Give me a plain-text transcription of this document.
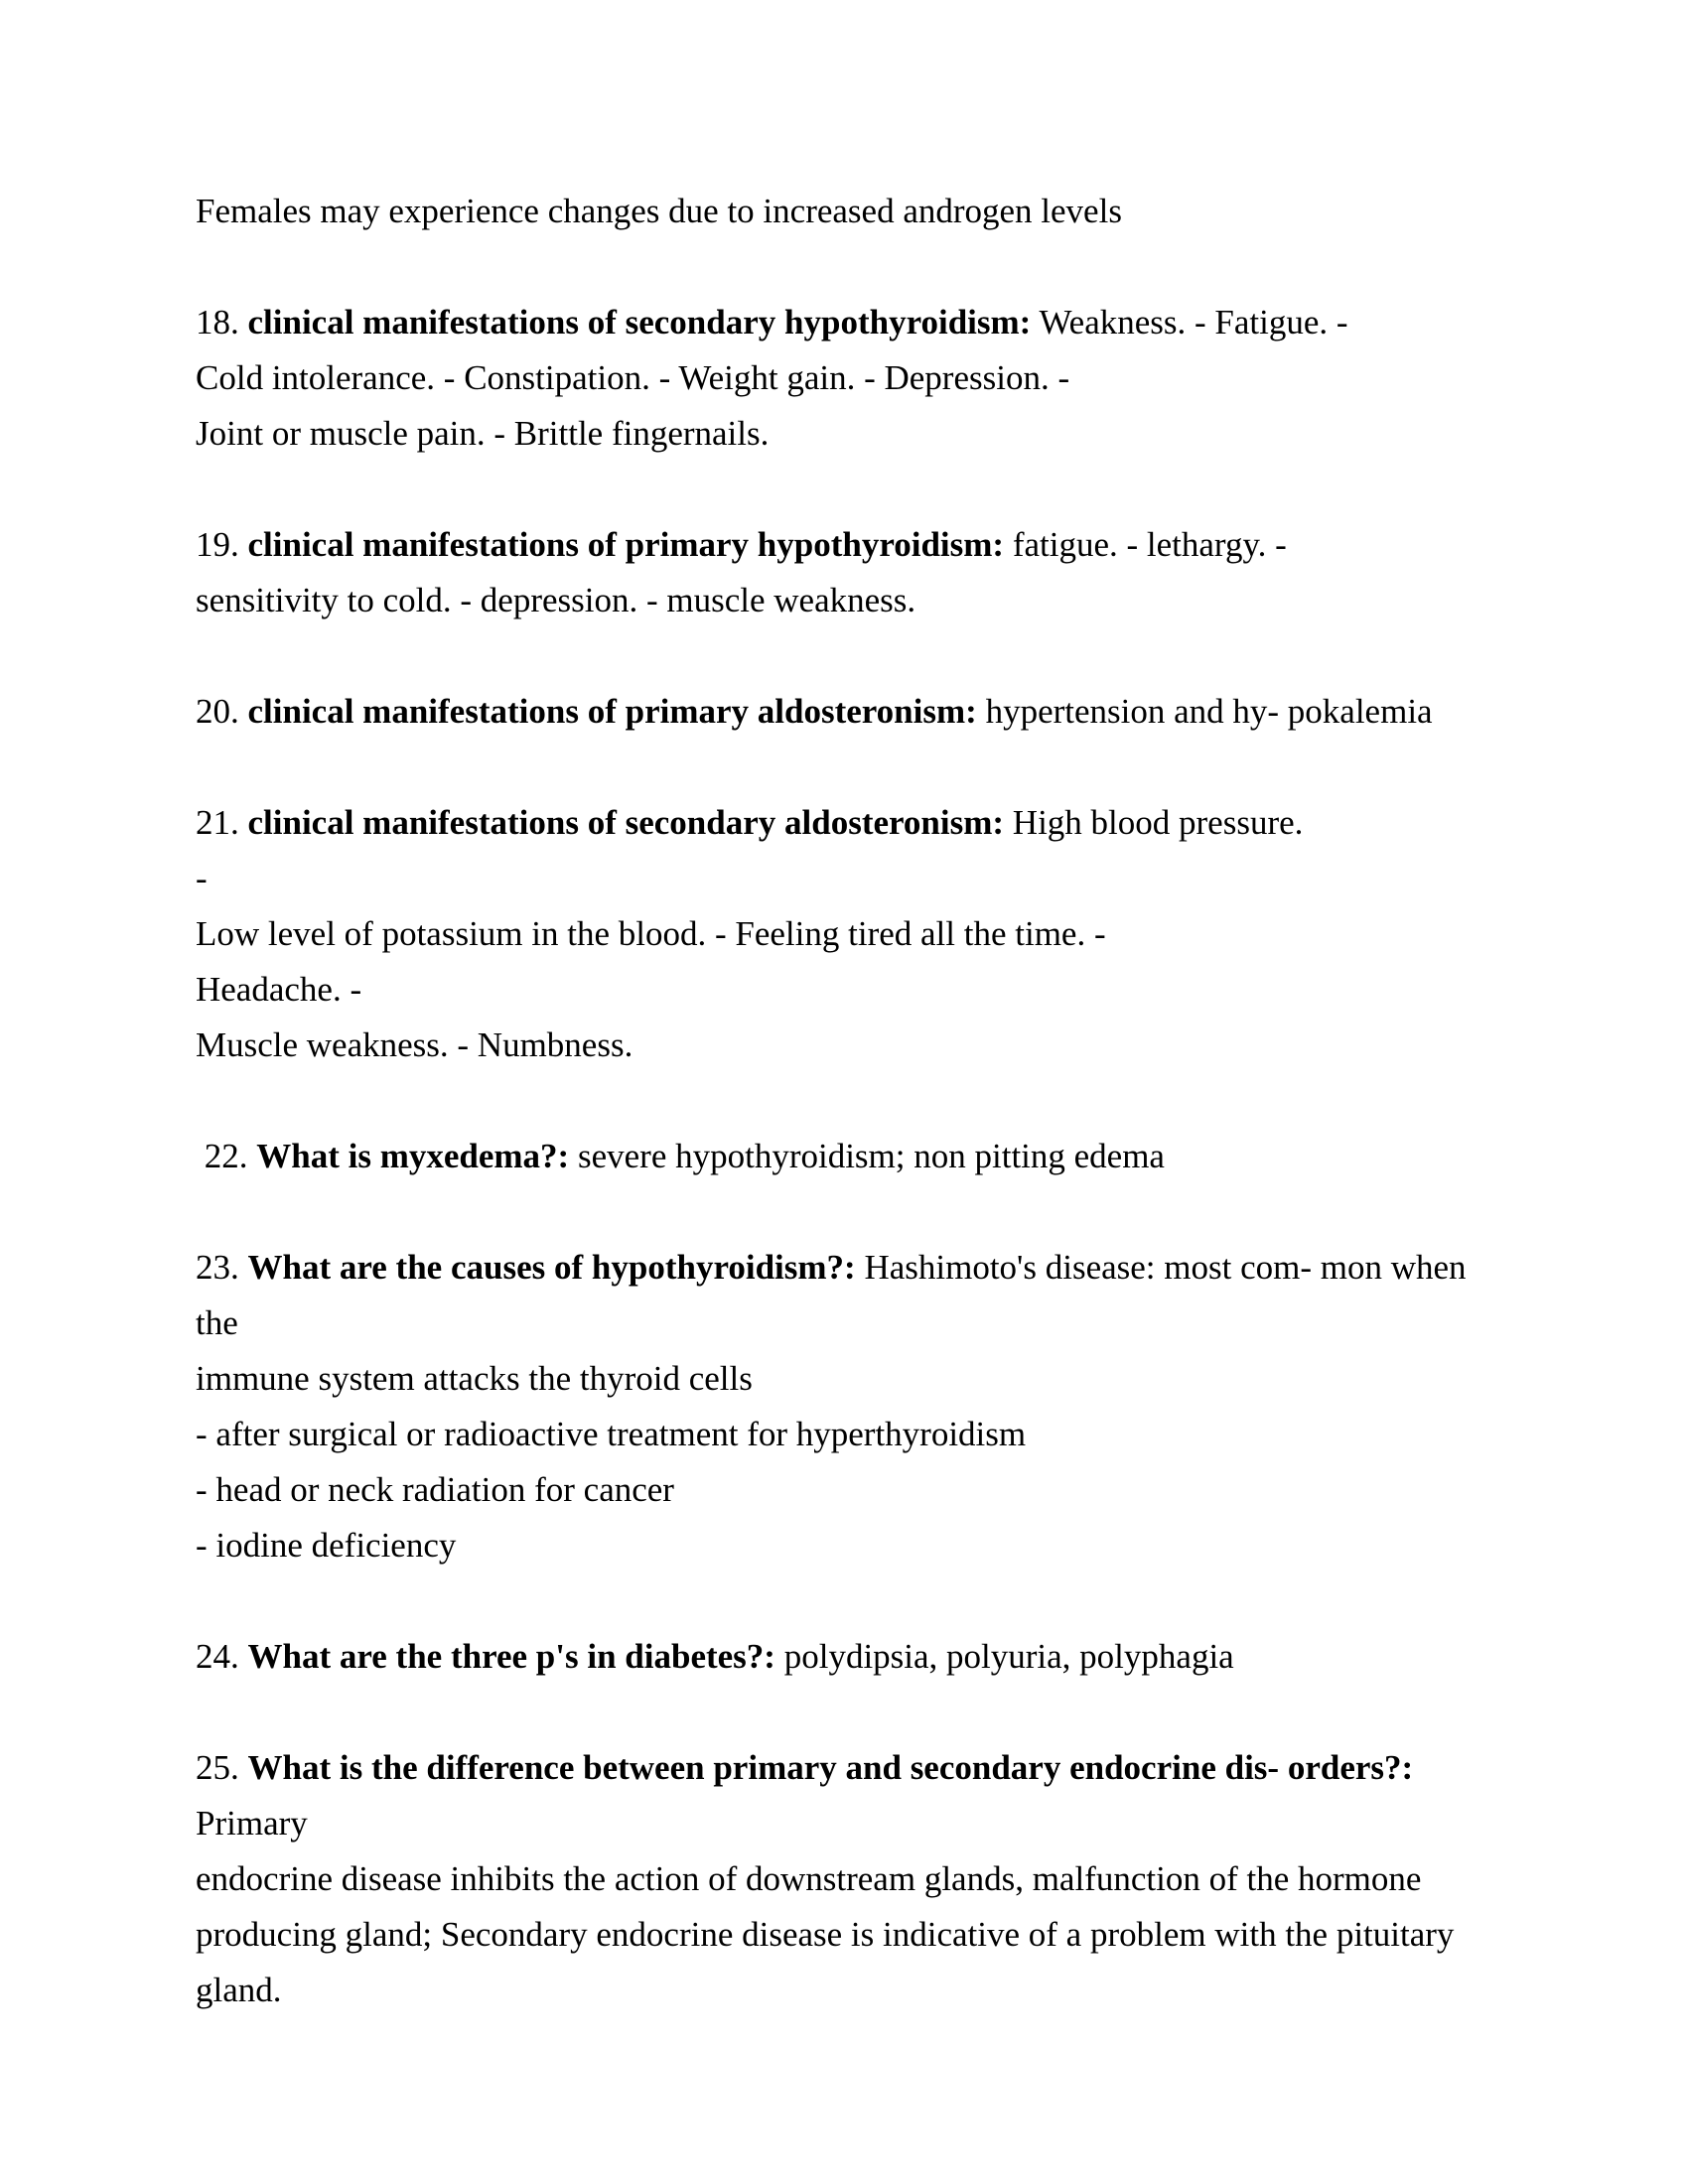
Females may experience changes due to increased androgen levels
18. clinical manifestations of secondary hypothyroidism: Weakness. - Fatigue. -
Cold intolerance. - Constipation. - Weight gain. - Depression. -
Joint or muscle pain. - Brittle fingernails.
19. clinical manifestations of primary hypothyroidism: fatigue. - lethargy. -
sensitivity to cold. - depression. - muscle weakness.
20. clinical manifestations of primary aldosteronism: hypertension and hy- pokalemia
21. clinical manifestations of secondary aldosteronism: High blood pressure.
-
Low level of potassium in the blood. - Feeling tired all the time. -
Headache. -
Muscle weakness. - Numbness.
22. What is myxedema?: severe hypothyroidism; non pitting edema
23. What are the causes of hypothyroidism?: Hashimoto's disease: most com- mon when the
immune system attacks the thyroid cells
- after surgical or radioactive treatment for hyperthyroidism
- head or neck radiation for cancer
- iodine deficiency
24. What are the three p's in diabetes?: polydipsia, polyuria, polyphagia
25. What is the difference between primary and secondary endocrine dis- orders?: Primary
endocrine disease inhibits the action of downstream glands, malfunction of the hormone
producing gland; Secondary endocrine disease is indicative of a problem with the pituitary gland.
